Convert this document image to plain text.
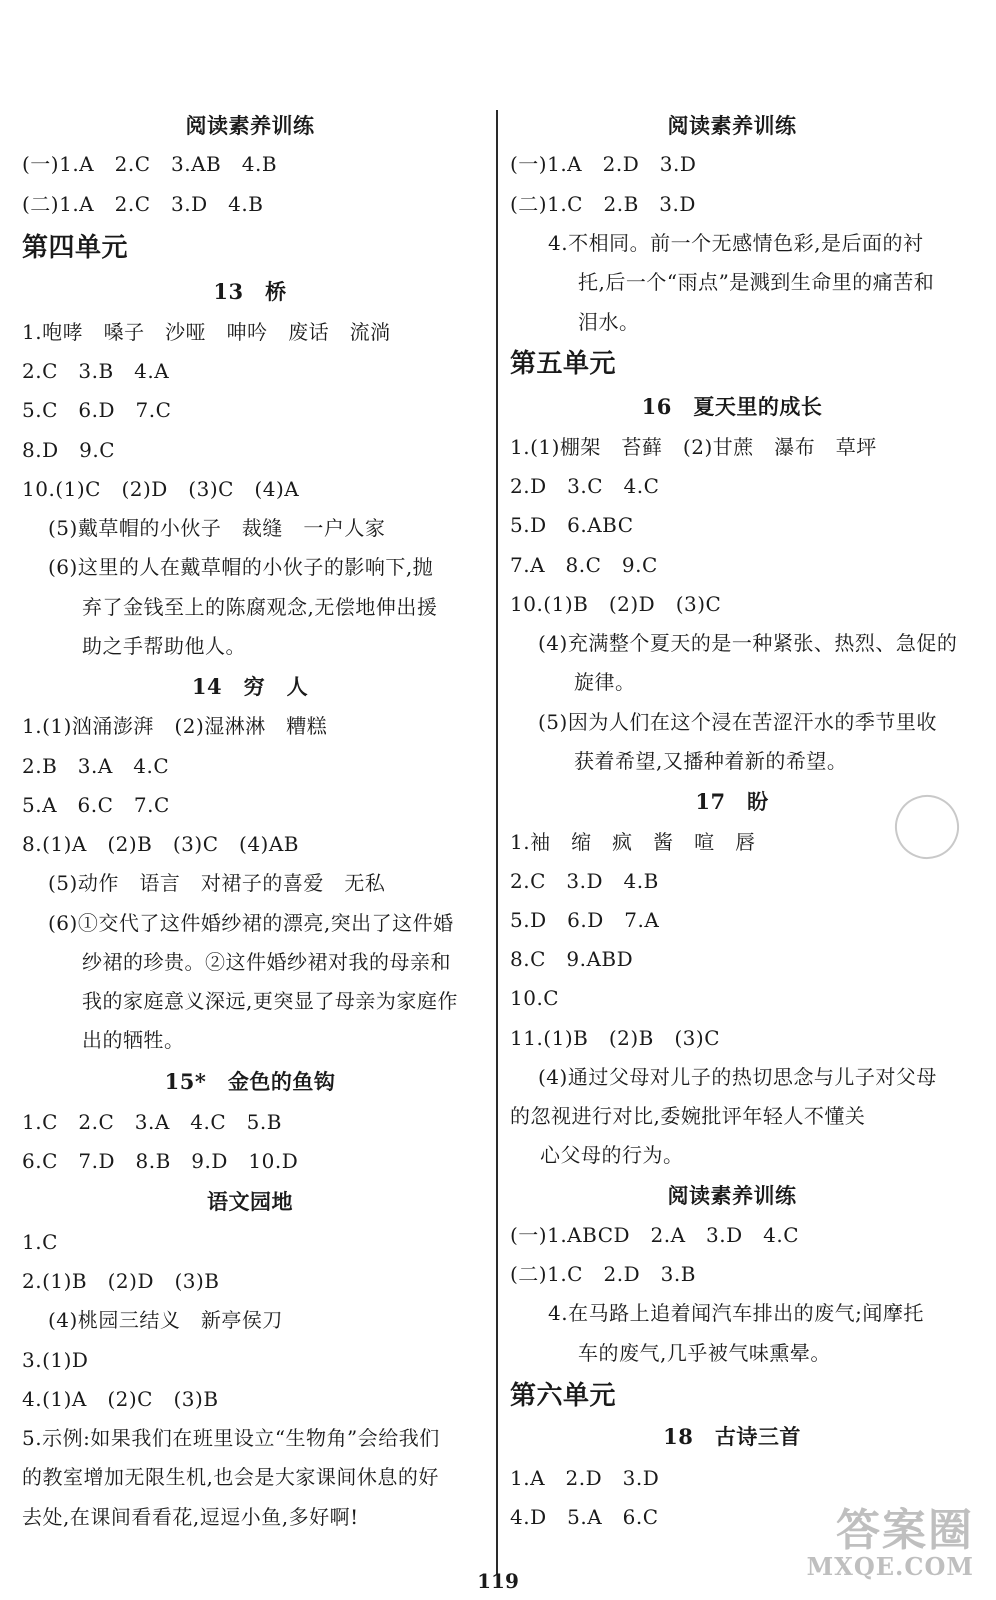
阅读素养训练
(一)1.A　2.C　3.AB　4.B
(二)1.A　2.C　3.D　4.B
第四单元
13　桥
1.咆哮　嗓子　沙哑　呻吟　废话　流淌
2.C　3.B　4.A
5.C　6.D　7.C
8.D　9.C
10.(1)C　(2)D　(3)C　(4)A
(5)戴草帽的小伙子　裁缝　一户人家
(6)这里的人在戴草帽的小伙子的影响下,抛
弃了金钱至上的陈腐观念,无偿地伸出援
助之手帮助他人。
14　穷　人
1.(1)汹涌澎湃　(2)湿淋淋　糟糕
2.B　3.A　4.C
5.A　6.C　7.C
8.(1)A　(2)B　(3)C　(4)AB
(5)动作　语言　对裙子的喜爱　无私
(6)①交代了这件婚纱裙的漂亮,突出了这件婚
纱裙的珍贵。②这件婚纱裙对我的母亲和
我的家庭意义深远,更突显了母亲为家庭作
出的牺牲。
15*　金色的鱼钩
1.C　2.C　3.A　4.C　5.B
6.C　7.D　8.B　9.D　10.D
语文园地
1.C
2.(1)B　(2)D　(3)B
(4)桃园三结义　新亭侯刀
3.(1)D
4.(1)A　(2)C　(3)B
5.示例:如果我们在班里设立“生物角”会给我们
的教室增加无限生机,也会是大家课间休息的好
去处,在课间看看花,逗逗小鱼,多好啊!
阅读素养训练
(一)1.A　2.D　3.D
(二)1.C　2.B　3.D
4.不相同。前一个无感情色彩,是后面的衬
托,后一个“雨点”是溅到生命里的痛苦和
泪水。
第五单元
16　夏天里的成长
1.(1)棚架　苔藓　(2)甘蔗　瀑布　草坪
2.D　3.C　4.C
5.D　6.ABC
7.A　8.C　9.C
10.(1)B　(2)D　(3)C
(4)充满整个夏天的是一种紧张、热烈、急促的
旋律。
(5)因为人们在这个浸在苦涩汗水的季节里收
获着希望,又播种着新的希望。
17　盼
1.袖　缩　疯　酱　喧　唇
2.C　3.D　4.B
5.D　6.D　7.A
8.C　9.ABD
10.C
11.(1)B　(2)B　(3)C
(4)通过父母对儿子的热切思念与儿子对父母
的忽视进行对比,委婉批评年轻人不懂关
心父母的行为。
阅读素养训练
(一)1.ABCD　2.A　3.D　4.C
(二)1.C　2.D　3.B
4.在马路上追着闻汽车排出的废气;闻摩托
车的废气,几乎被气味熏晕。
第六单元
18　古诗三首
1.A　2.D　3.D
4.D　5.A　6.C
119
答案圈
MXQE.COM
